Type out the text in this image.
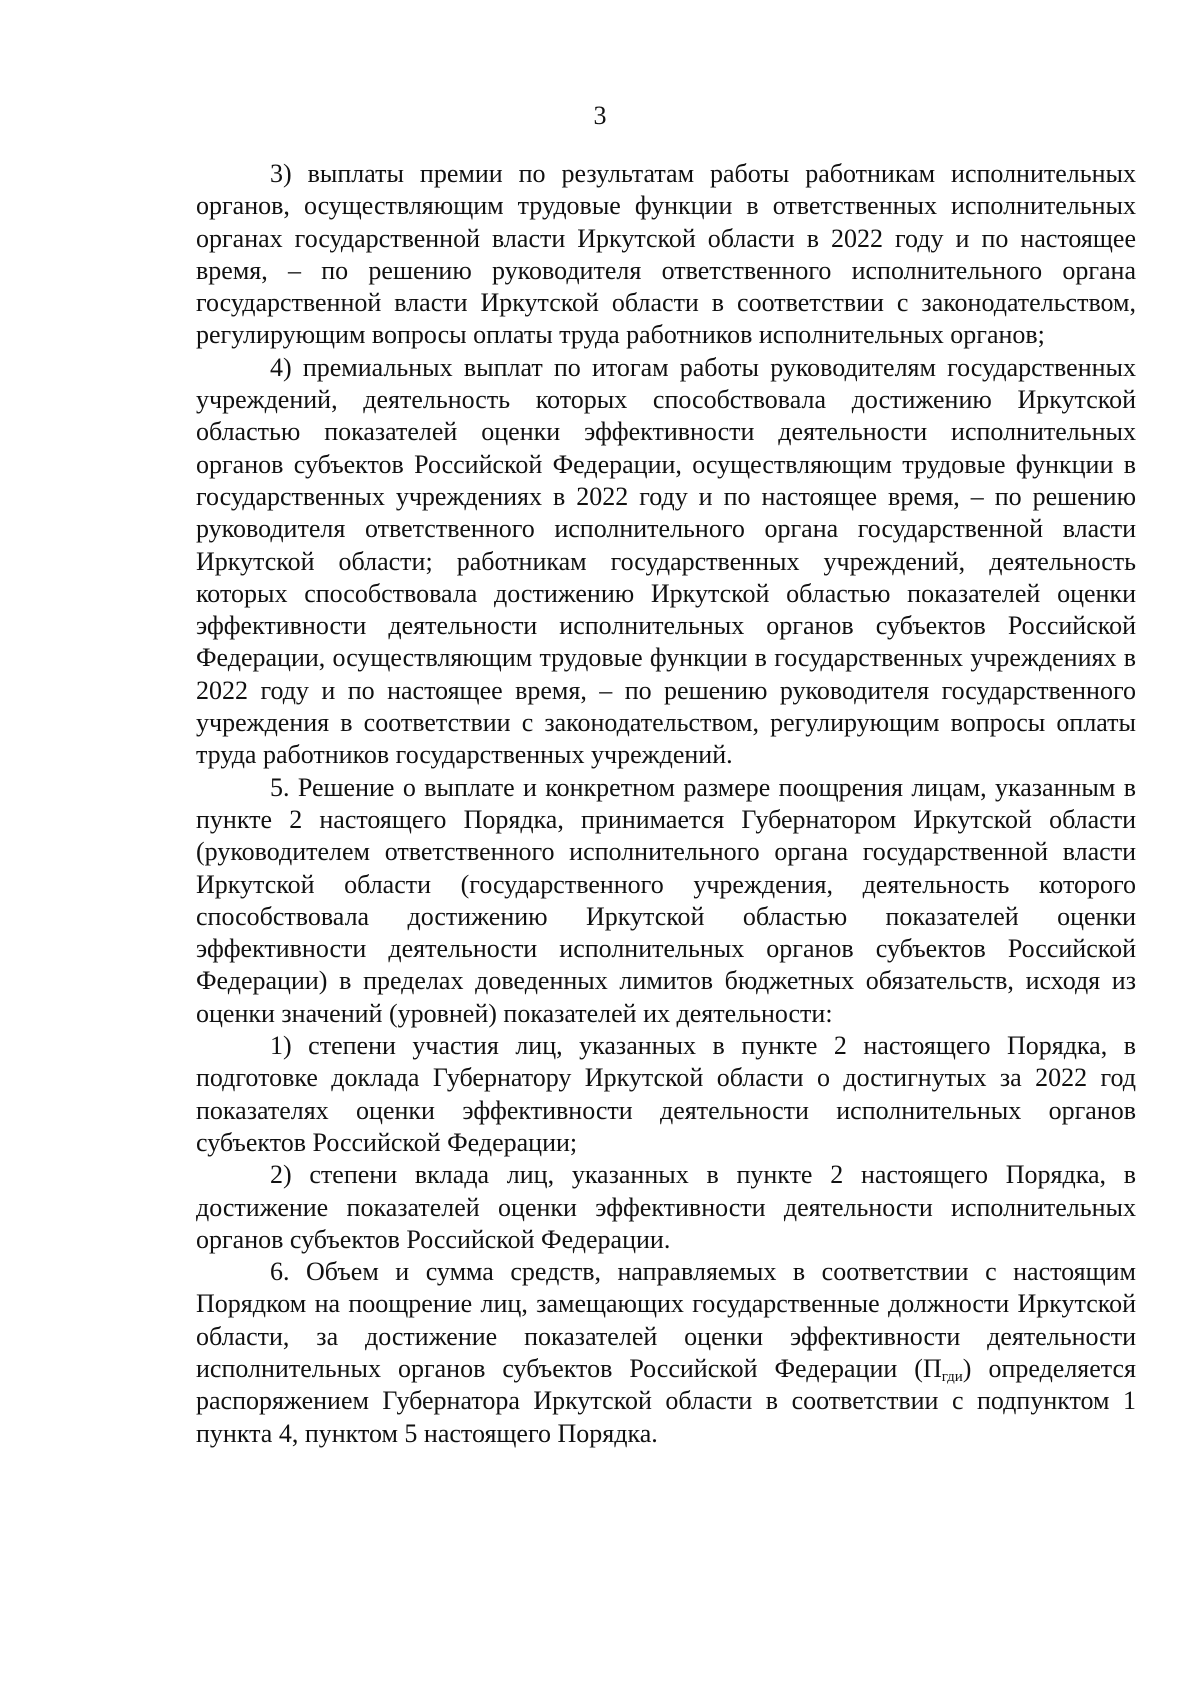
3

3) выплаты премии по результатам работы работникам исполнительных органов, осуществляющим трудовые функции в ответственных исполнительных органах государственной власти Иркутской области в 2022 году и по настоящее время, – по решению руководителя ответственного исполнительного органа государственной власти Иркутской области в соответствии с законодательством, регулирующим вопросы оплаты труда работников исполнительных органов;

4) премиальных выплат по итогам работы руководителям государственных учреждений, деятельность которых способствовала достижению Иркутской областью показателей оценки эффективности деятельности исполнительных органов субъектов Российской Федерации, осуществляющим трудовые функции в государственных учреждениях в 2022 году и по настоящее время, – по решению руководителя ответственного исполнительного органа государственной власти Иркутской области; работникам государственных учреждений, деятельность которых способствовала достижению Иркутской областью показателей оценки эффективности деятельности исполнительных органов субъектов Российской Федерации, осуществляющим трудовые функции в государственных учреждениях в 2022 году и по настоящее время, – по решению руководителя государственного учреждения в соответствии с законодательством, регулирующим вопросы оплаты труда работников государственных учреждений.

5. Решение о выплате и конкретном размере поощрения лицам, указанным в пункте 2 настоящего Порядка, принимается Губернатором Иркутской области (руководителем ответственного исполнительного органа государственной власти Иркутской области (государственного учреждения, деятельность которого способствовала достижению Иркутской областью показателей оценки эффективности деятельности исполнительных органов субъектов Российской Федерации) в пределах доведенных лимитов бюджетных обязательств, исходя из оценки значений (уровней) показателей их деятельности:

1) степени участия лиц, указанных в пункте 2 настоящего Порядка, в подготовке доклада Губернатору Иркутской области о достигнутых за 2022 год показателях оценки эффективности деятельности исполнительных органов субъектов Российской Федерации;

2) степени вклада лиц, указанных в пункте 2 настоящего Порядка, в достижение показателей оценки эффективности деятельности исполнительных органов субъектов Российской Федерации.

6. Объем и сумма средств, направляемых в соответствии с настоящим Порядком на поощрение лиц, замещающих государственные должности Иркутской области, за достижение показателей оценки эффективности деятельности исполнительных органов субъектов Российской Федерации $(П_{гди})$ определяется распоряжением Губернатора Иркутской области в соответствии с подпунктом 1 пункта 4, пунктом 5 настоящего Порядка.
